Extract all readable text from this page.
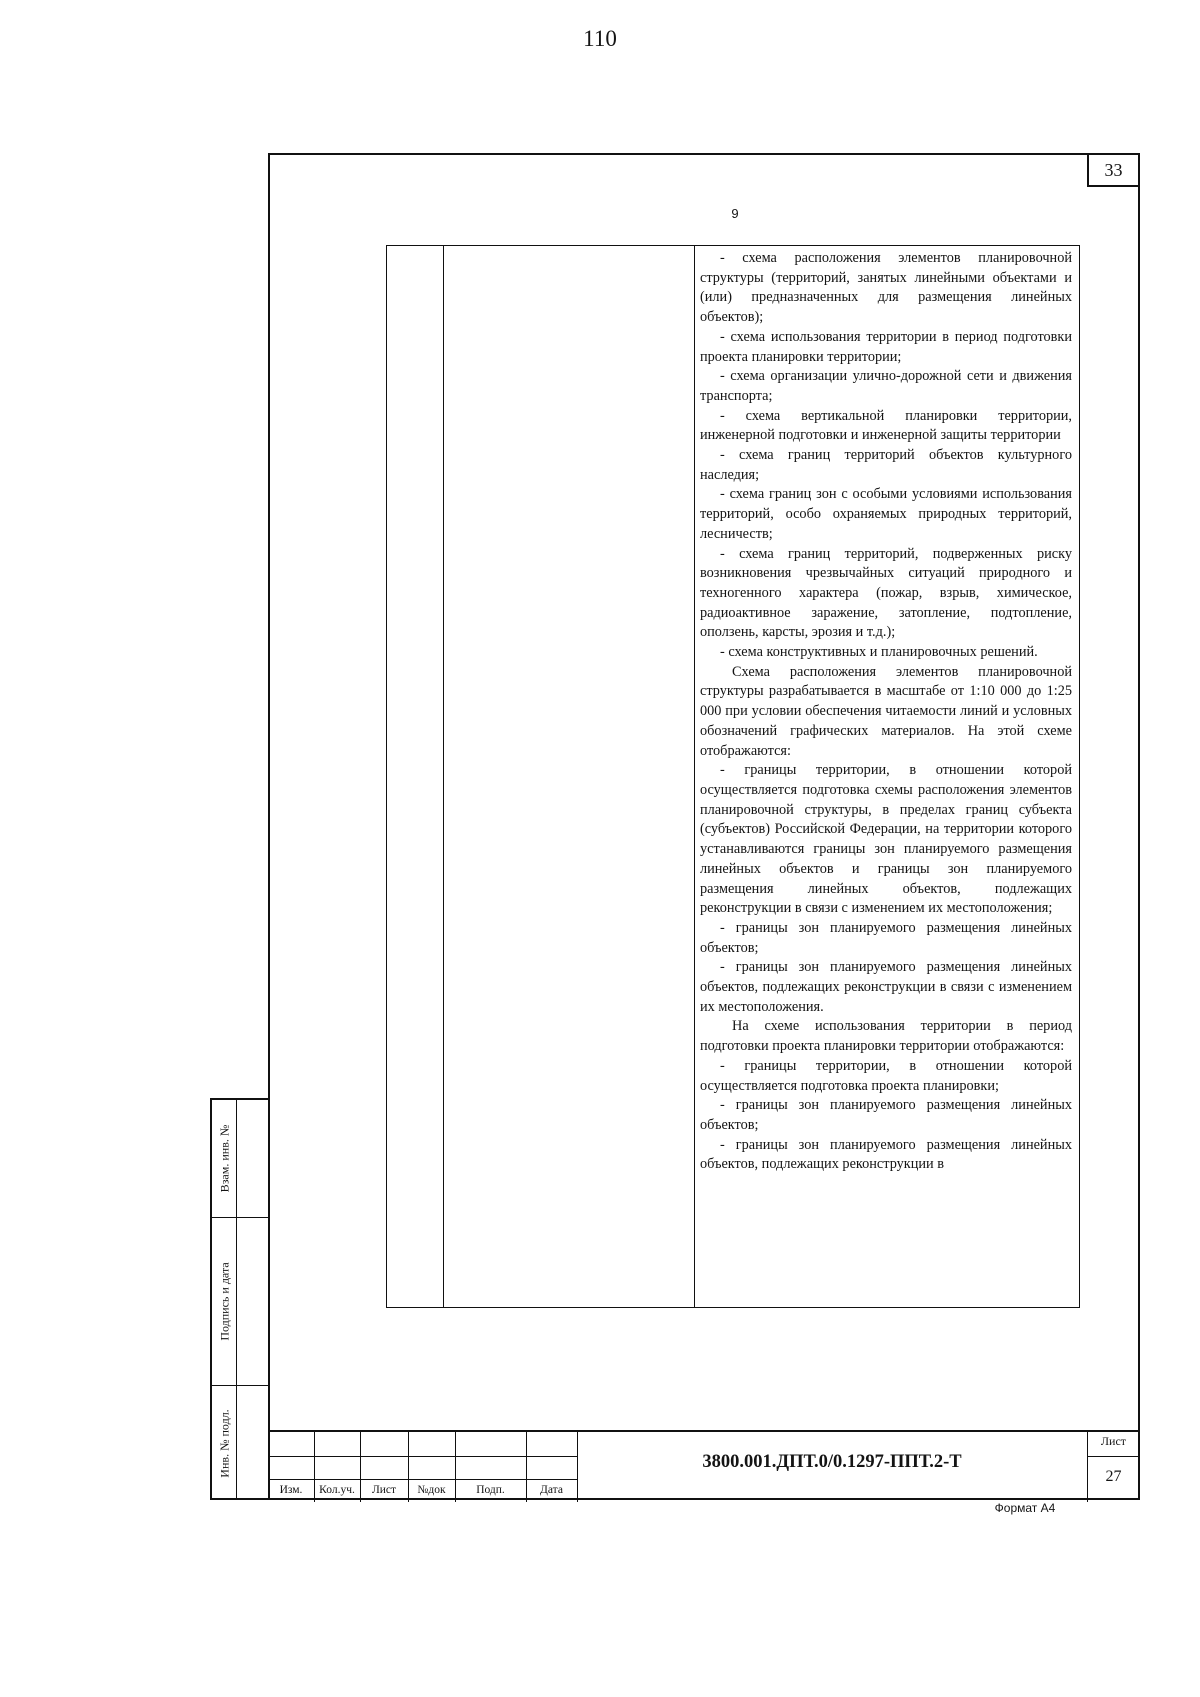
110
33
9

- схема расположения элементов планировочной структуры (территорий, занятых линейными объектами и (или) предназначенных для размещения линейных объектов);

- схема использования территории в период подготовки проекта планировки территории;

- схема организации улично-дорожной сети и движения транспорта;

- схема вертикальной планировки территории, инженерной подготовки и инженерной защиты территории

- схема границ территорий объектов культурного наследия;

- схема границ зон с особыми условиями использования территорий, особо охраняемых природных территорий, лесничеств;

- схема границ территорий, подверженных риску возникновения чрезвычайных ситуаций природного и техногенного характера (пожар, взрыв, химическое, радиоактивное заражение, затопление, подтопление, оползень, карсты, эрозия и т.д.);

- схема конструктивных и планировочных решений.

Схема расположения элементов планировочной структуры разрабатывается в масштабе от 1:10 000 до 1:25 000 при условии обеспечения читаемости линий и условных обозначений графических материалов. На этой схеме отображаются:

- границы территории, в отношении которой осуществляется подготовка схемы расположения элементов планировочной структуры, в пределах границ субъекта (субъектов) Российской Федерации, на территории которого устанавливаются границы зон планируемого размещения линейных объектов и границы зон планируемого размещения линейных объектов, подлежащих реконструкции в связи с изменением их местоположения;

- границы зон планируемого размещения линейных объектов;

- границы зон планируемого размещения линейных объектов, подлежащих реконструкции в связи с изменением их местоположения.

На схеме использования территории в период подготовки проекта планировки территории отображаются:

- границы территории, в отношении которой осуществляется подготовка проекта планировки;

- границы зон планируемого размещения линейных объектов;

- границы зон планируемого размещения линейных объектов, подлежащих реконструкции в

Взам. инв. №
Подпись и дата
Инв. № подл.
Изм.	Кол.уч.	Лист	№док	Подп.	Дата
3800.001.ДПТ.0/0.1297-ППТ.2-Т
Лист
27
Формат А4
